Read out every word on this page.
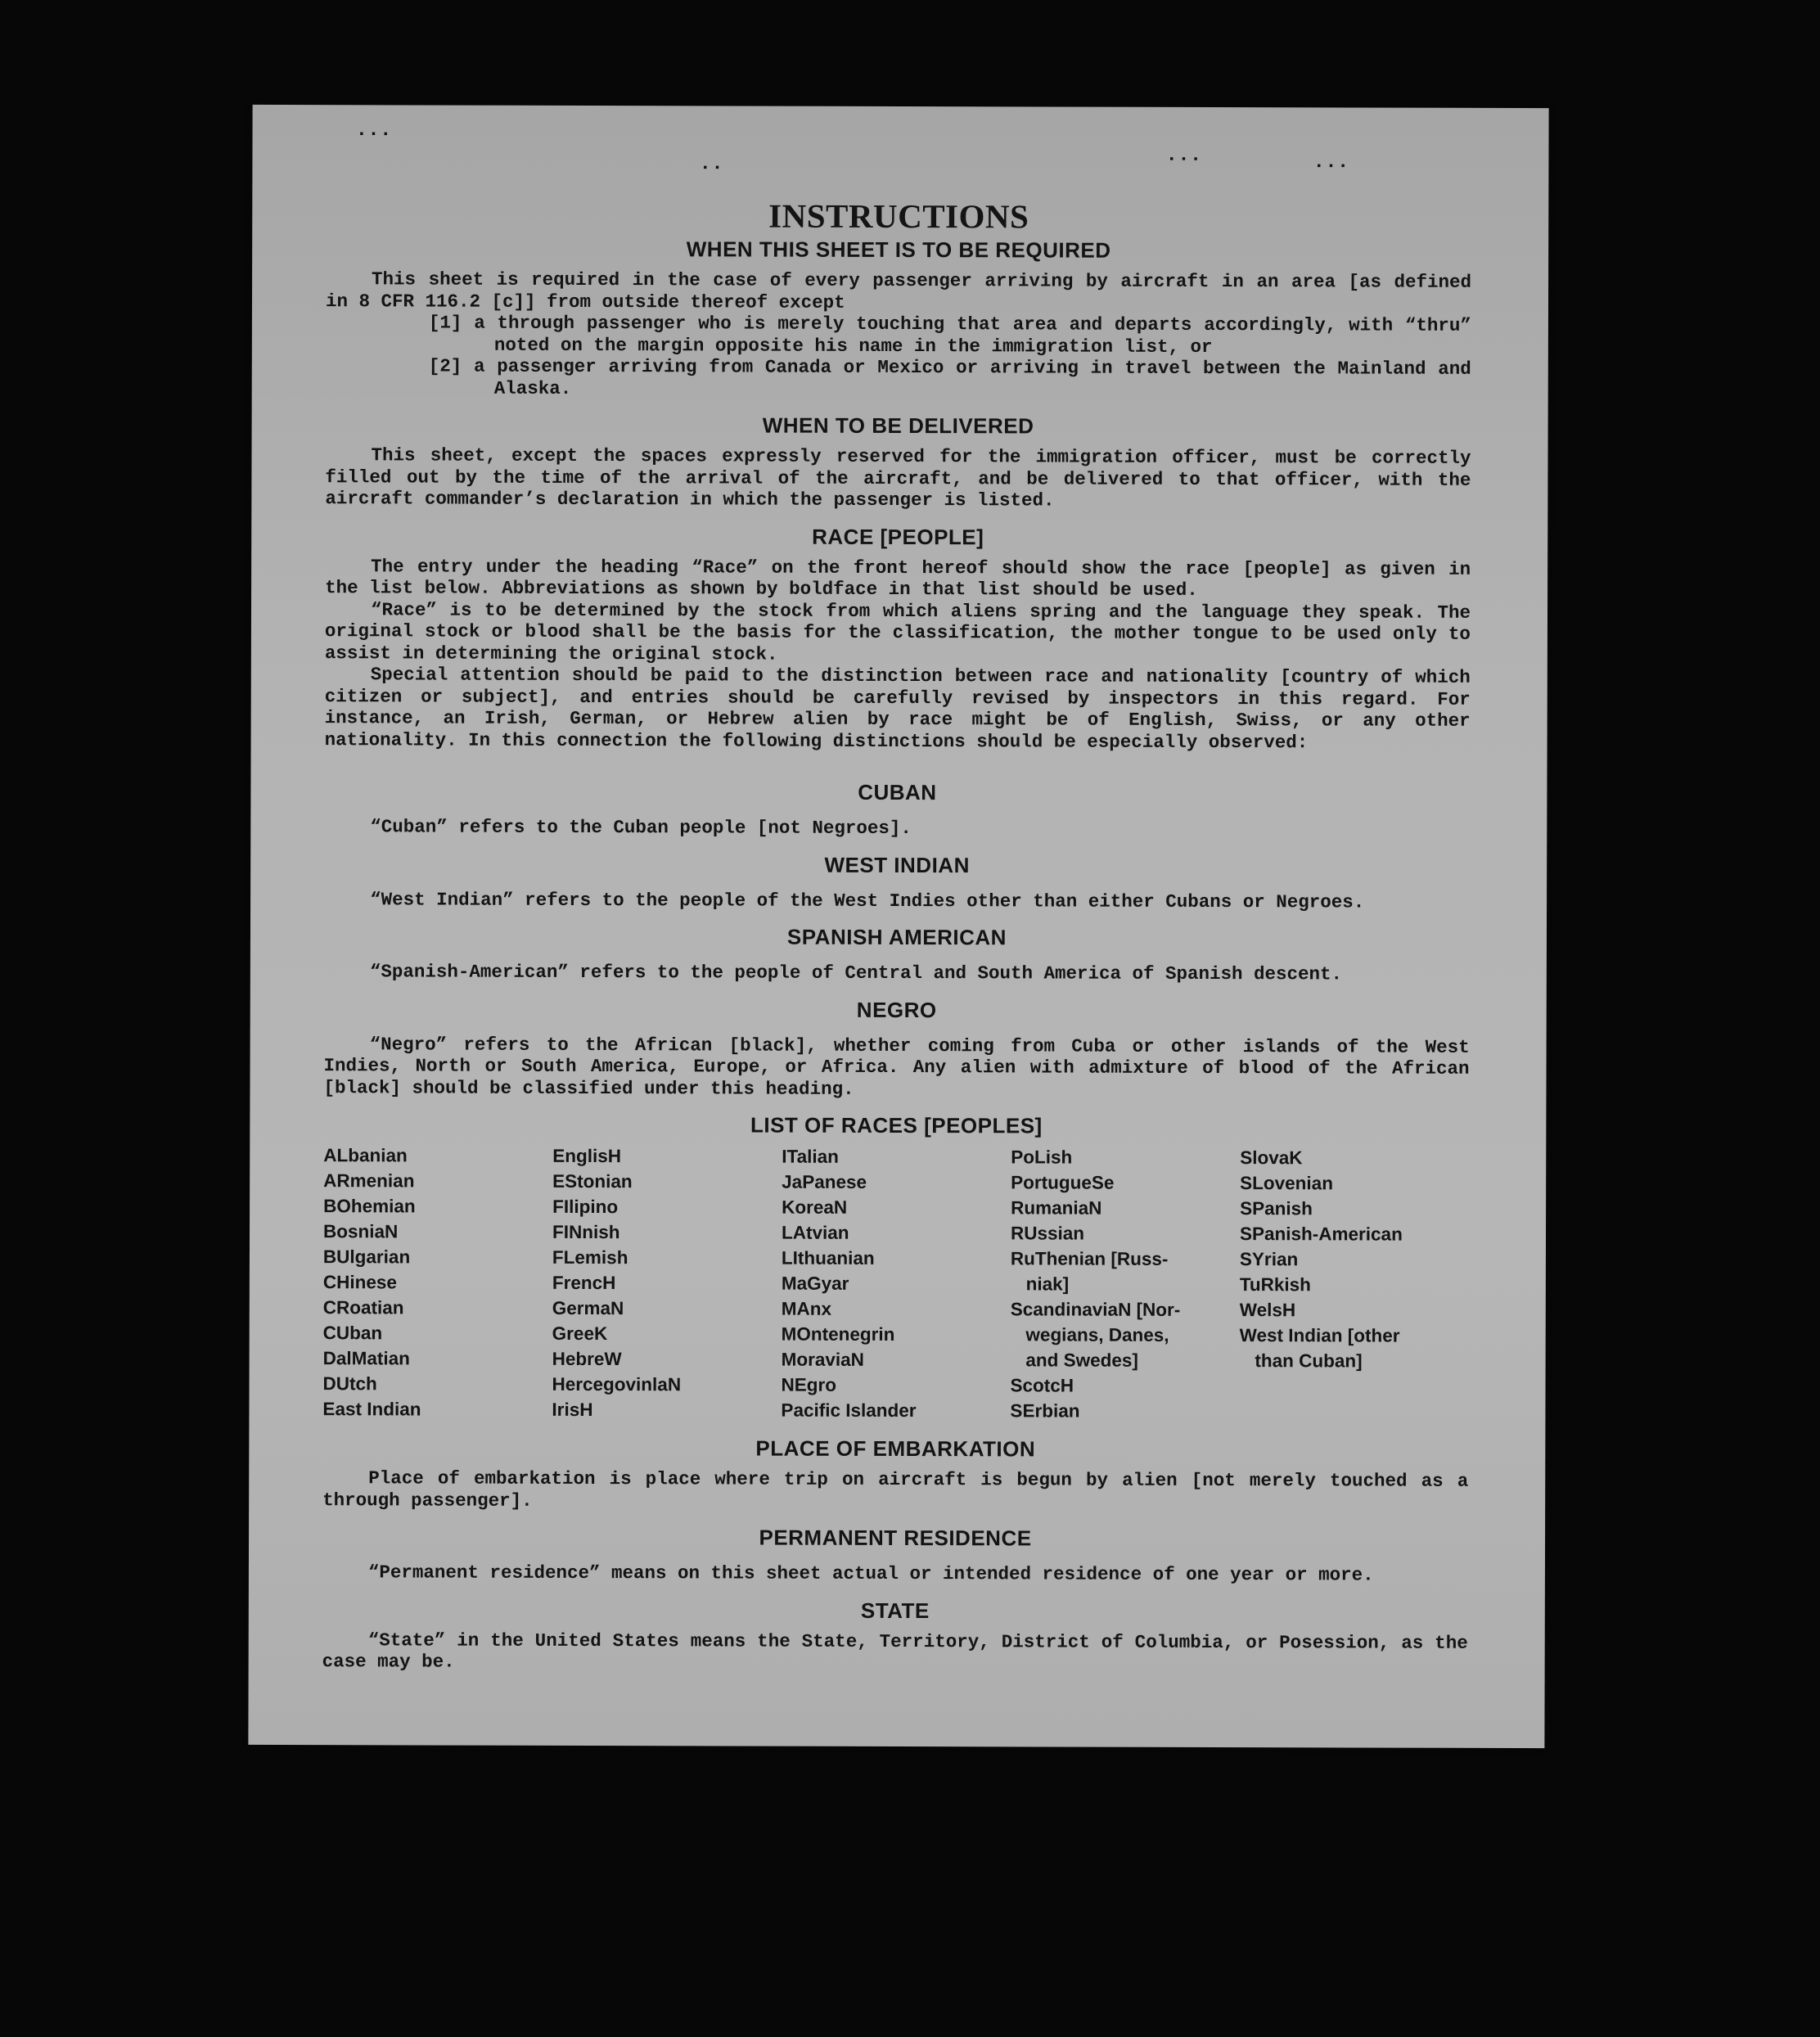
· · ·
· ·	· · ·	· · ·
INSTRUCTIONS
WHEN THIS SHEET IS TO BE REQUIRED

This sheet is required in the case of every passenger arriving by aircraft in an area [as defined in 8 CFR 116.2 [c]] from outside thereof except

[1] a through passenger who is merely touching that area and departs accordingly, with “thru” noted on the margin opposite his name in the immigration list, or

[2] a passenger arriving from Canada or Mexico or arriving in travel between the Mainland and Alaska.

WHEN TO BE DELIVERED

This sheet, except the spaces expressly reserved for the immigration officer, must be correctly filled out by the time of the arrival of the aircraft, and be delivered to that officer, with the aircraft commander’s declaration in which the passenger is listed.

RACE [PEOPLE]

The entry under the heading “Race” on the front hereof should show the race [people] as given in the list below. Abbreviations as shown by boldface in that list should be used.

“Race” is to be determined by the stock from which aliens spring and the language they speak. The original stock or blood shall be the basis for the classification, the mother tongue to be used only to assist in determining the original stock.

Special attention should be paid to the distinction between race and nationality [country of which citizen or subject], and entries should be carefully revised by inspectors in this regard. For instance, an Irish, German, or Hebrew alien by race might be of English, Swiss, or any other nationality. In this connection the following distinctions should be especially observed:

CUBAN

“Cuban” refers to the Cuban people [not Negroes].

WEST INDIAN

“West Indian” refers to the people of the West Indies other than either Cubans or Negroes.

SPANISH AMERICAN

“Spanish-American” refers to the people of Central and South America of Spanish descent.

NEGRO

“Negro” refers to the African [black], whether coming from Cuba or other islands of the West Indies, North or South America, Europe, or Africa. Any alien with admixture of blood of the African [black] should be classified under this heading.

LIST OF RACES [PEOPLES]
ALbanian
ARmenian
BOhemian
BosniaN
BUlgarian
CHinese
CRoatian
CUban
DalMatian
DUtch
East Indian
EnglisH
EStonian
FIlipino
FINnish
FLemish
FrencH
GermaN
GreeK
HebreW
HercegovinlaN
IrisH
ITalian
JaPanese
KoreaN
LAtvian
LIthuanian
MaGyar
MAnx
MOntenegrin
MoraviaN
NEgro
Pacific Islander
PoLish
PortugueSe
RumaniaN
RUssian
RuThenian [Russ-
niak]
ScandinaviaN [Nor-
wegians, Danes,
and Swedes]
ScotcH
SErbian
SlovaK
SLovenian
SPanish
SPanish-American
SYrian
TuRkish
WelsH
West Indian [other
than Cuban]
PLACE OF EMBARKATION

Place of embarkation is place where trip on aircraft is begun by alien [not merely touched as a through passenger].

PERMANENT RESIDENCE

“Permanent residence” means on this sheet actual or intended residence of one year or more.

STATE

“State” in the United States means the State, Territory, District of Columbia, or Posession, as the case may be.
